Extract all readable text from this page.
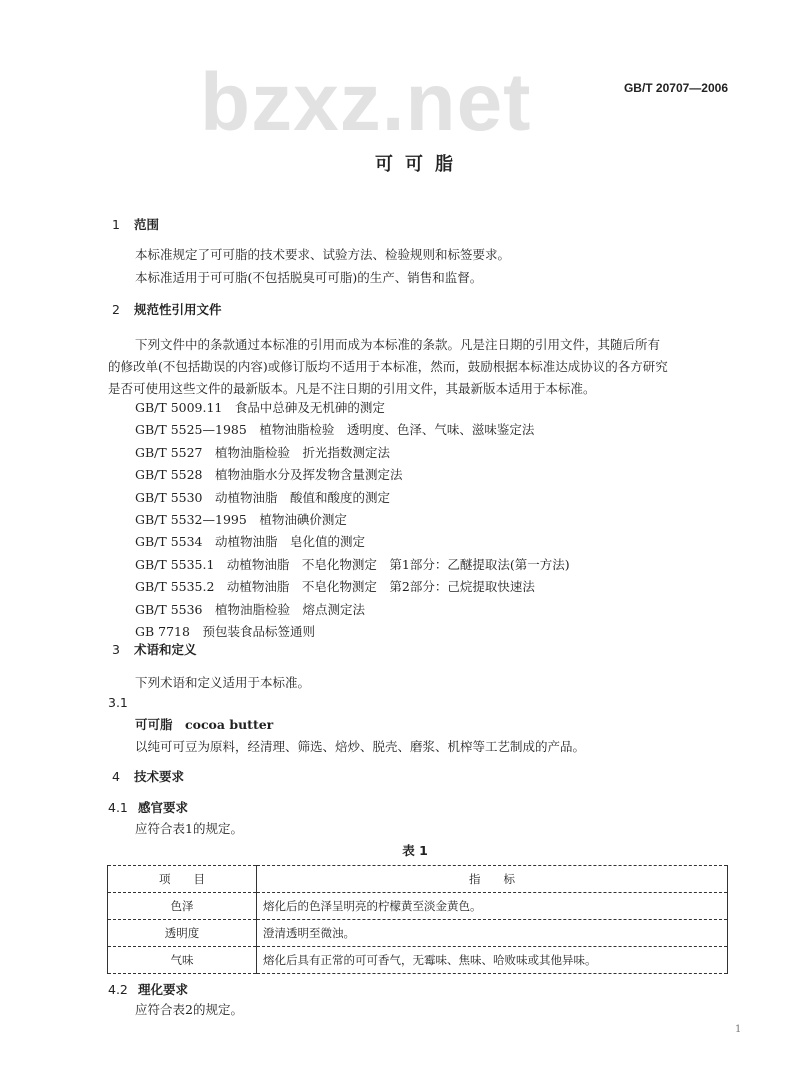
GB/T 20707—2006
bzxz.net
可可脂
1 范围
本标准规定了可可脂的技术要求、试验方法、检验规则和标签要求。
本标准适用于可可脂(不包括脱臭可可脂)的生产、销售和监督。
2 规范性引用文件
下列文件中的条款通过本标准的引用而成为本标准的条款。凡是注日期的引用文件，其随后所有
的修改单(不包括勘误的内容)或修订版均不适用于本标准，然而，鼓励根据本标准达成协议的各方研究
是否可使用这些文件的最新版本。凡是不注日期的引用文件，其最新版本适用于本标准。
GB/T 5009.11　食品中总砷及无机砷的测定
GB/T 5525—1985　植物油脂检验　透明度、色泽、气味、滋味鉴定法
GB/T 5527　植物油脂检验　折光指数测定法
GB/T 5528　植物油脂水分及挥发物含量测定法
GB/T 5530　动植物油脂　酸值和酸度的测定
GB/T 5532—1995　植物油碘价测定
GB/T 5534　动植物油脂　皂化值的测定
GB/T 5535.1　动植物油脂　不皂化物测定　第1部分：乙醚提取法(第一方法)
GB/T 5535.2　动植物油脂　不皂化物测定　第2部分：己烷提取快速法
GB/T 5536　植物油脂检验　熔点测定法
GB 7718　预包装食品标签通则
3 术语和定义
下列术语和定义适用于本标准。
3.1
可可脂　cocoa butter
以纯可可豆为原料，经清理、筛选、焙炒、脱壳、磨浆、机榨等工艺制成的产品。
4 技术要求
4.1 感官要求
应符合表1的规定。
表 1
项　　目	指　　标
色泽	熔化后的色泽呈明亮的柠檬黄至淡金黄色。
透明度	澄清透明至微浊。
气味	熔化后具有正常的可可香气，无霉味、焦味、哈败味或其他异味。
4.2 理化要求
应符合表2的规定。
1
